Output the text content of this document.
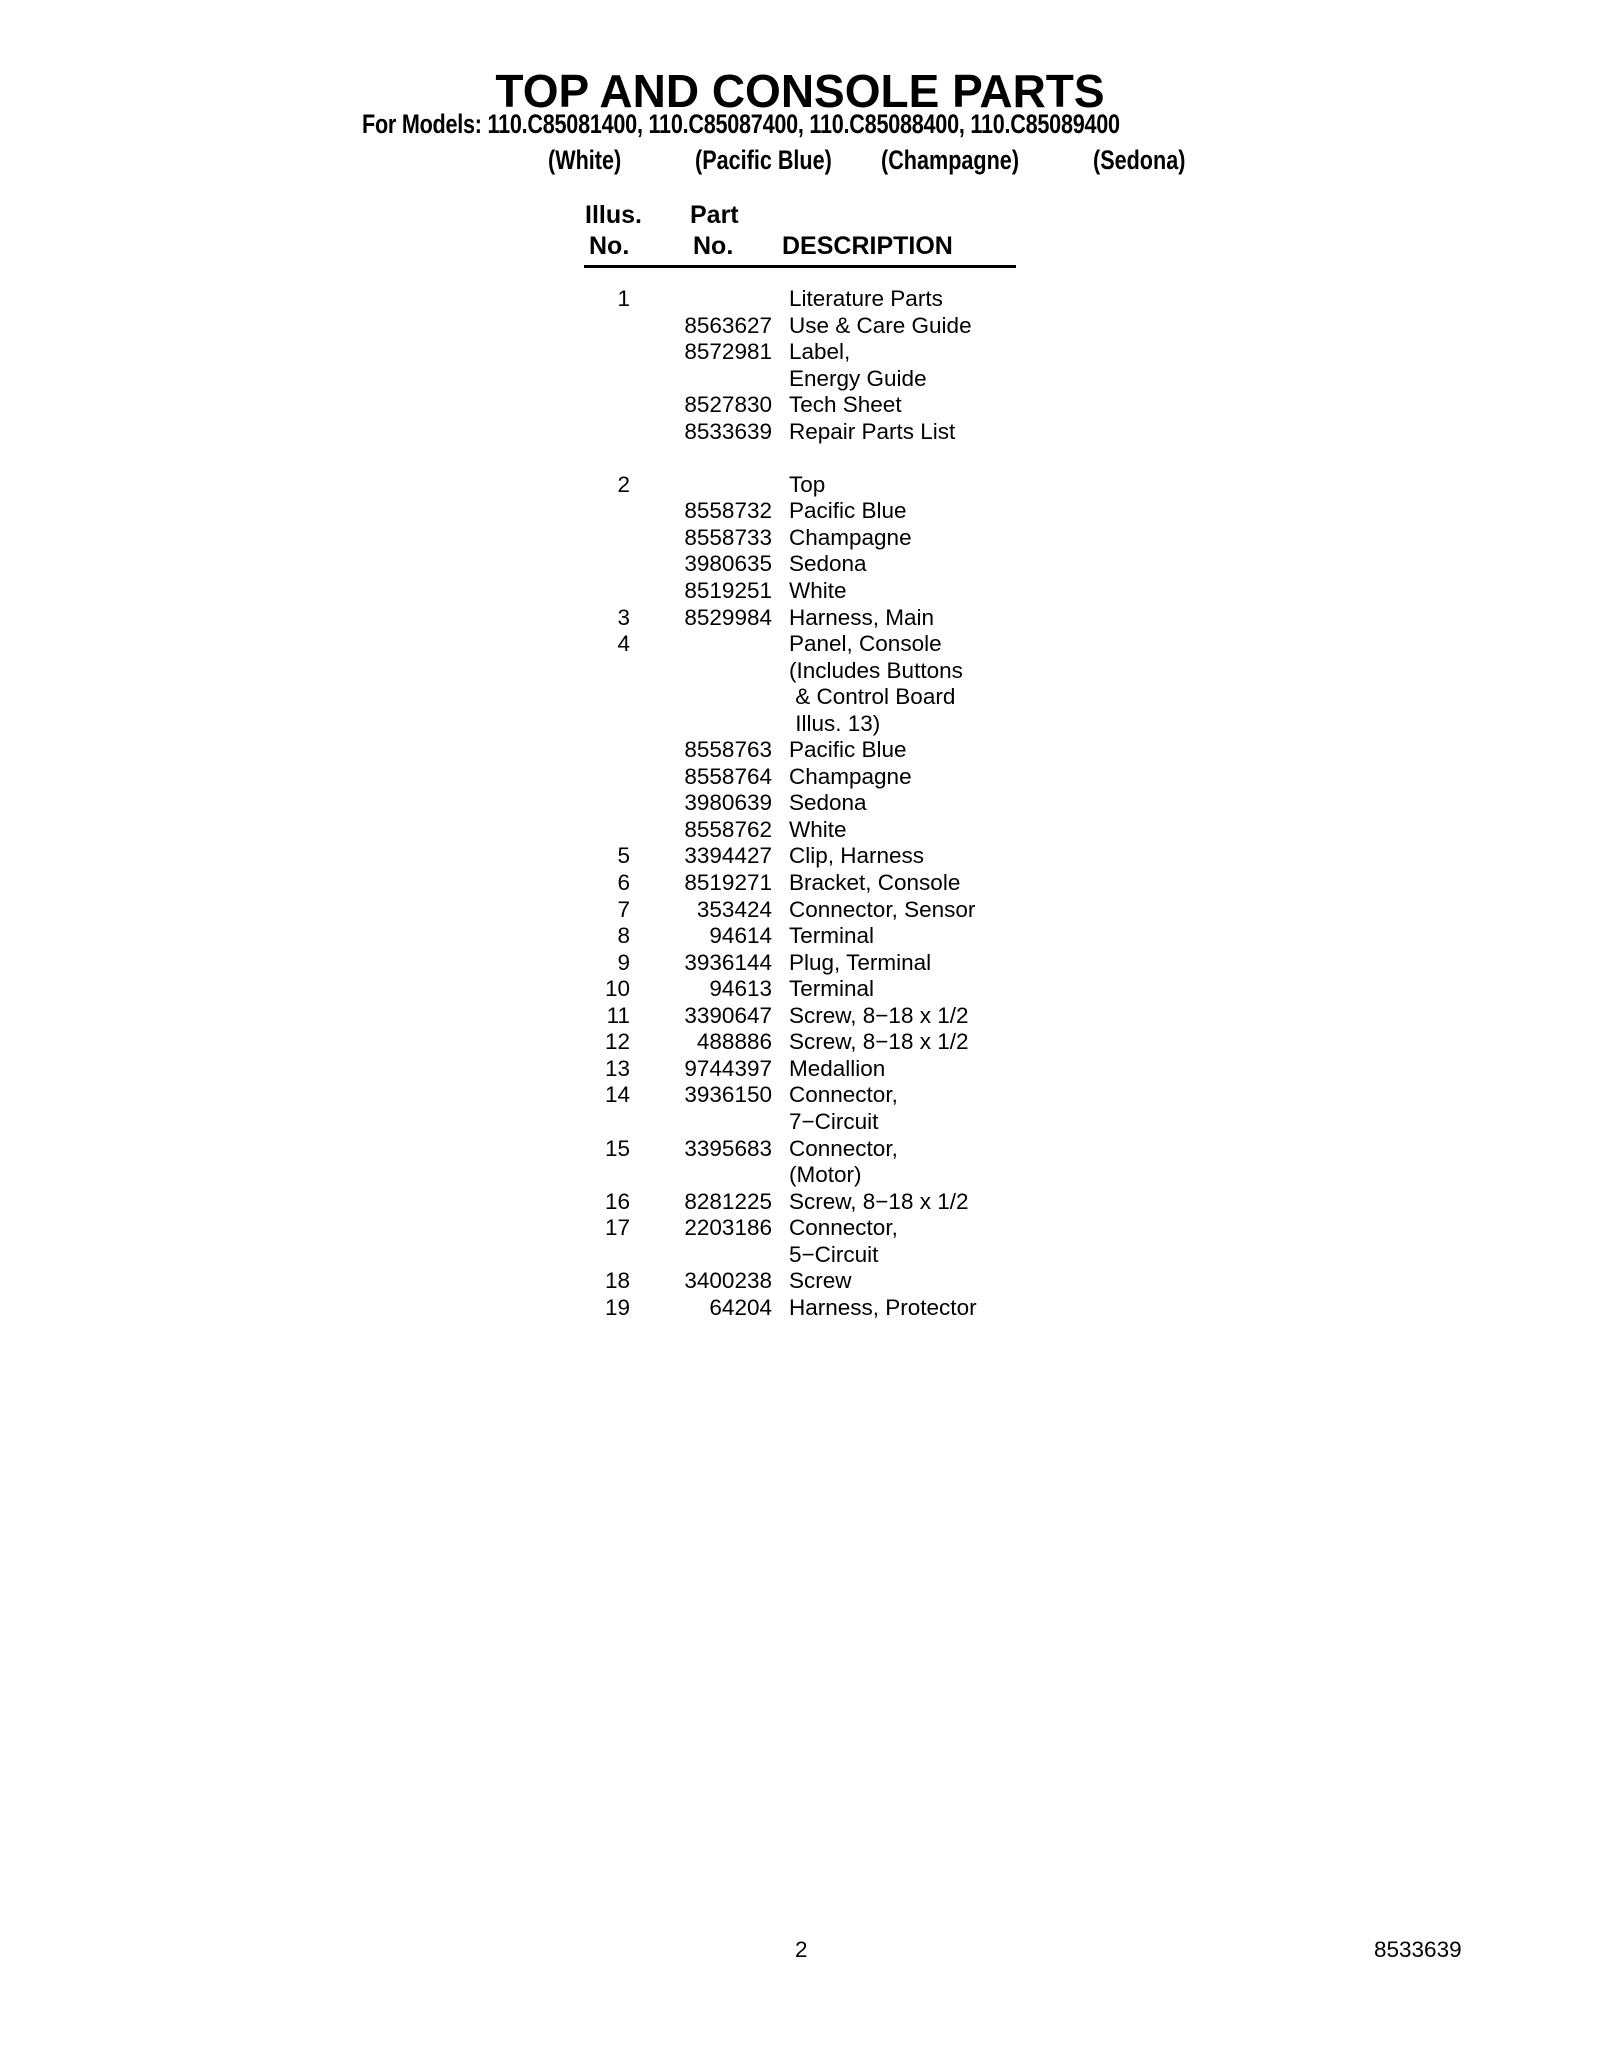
TOP AND CONSOLE PARTS
For Models: 110.C85081400, 110.C85087400, 110.C85088400, 110.C85089400
(White)	(Pacific Blue) (Champagne)	(Sedona)
Illus.
No.
Part
No. DESCRIPTION
1	Literature Parts
8563627 Use & Care Guide
8572981 Label,
Energy Guide
8527830 Tech Sheet
8533639 Repair Parts List
2	Top
8558732 Pacific Blue
8558733 Champagne
3980635 Sedona
8519251 White
3 8529984 Harness, Main
4	Panel, Console
(Includes Buttons
& Control Board
Illus. 13)
8558763 Pacific Blue
8558764 Champagne
3980639 Sedona
8558762 White
5 3394427 Clip, Harness
6 8519271 Bracket, Console
7	353424 Connector, Sensor
8	94614 Terminal
9 3936144 Plug, Terminal
10	94613 Terminal
11 3390647 Screw, 8−18 x 1/2
12	488886 Screw, 8−18 x 1/2
13 9744397 Medallion
14 3936150 Connector,
7−Circuit
15 3395683 Connector,
(Motor)
16 8281225 Screw, 8−18 x 1/2
17 2203186 Connector,
5−Circuit
18 3400238 Screw
19	64204 Harness, Protector
2	8533639
